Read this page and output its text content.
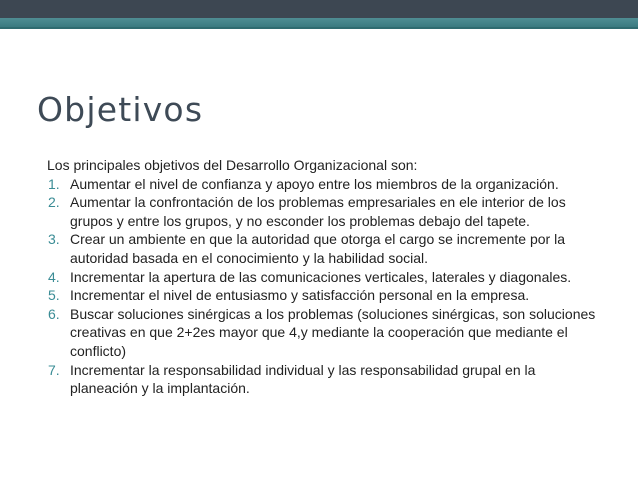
Objetivos

Los principales objetivos del Desarrollo Organizacional son:

1 . Aumentar el nivel de confianza y apoyo entre los miembros de la organización.
2 . Aumentar la confrontación de los problemas empresariales en ele interior de los grupos y entre los grupos, y no esconder los problemas debajo del tapete.
3 . Crear un ambiente en que la autoridad que otorga el cargo se incremente por la autoridad basada en el conocimiento y la habilidad social.
4 . Incrementar la apertura de las comunicaciones verticales, laterales y diagonales.
5 . Incrementar el nivel de entusiasmo y satisfacción personal en la empresa.
6 . Buscar soluciones sinérgicas a los problemas (soluciones sinérgicas, son soluciones creativas en que 2+2es mayor que 4,y mediante la cooperación que mediante el conflicto)
7 . Incrementar la responsabilidad individual y las responsabilidad grupal en la planeación y la implantación.
